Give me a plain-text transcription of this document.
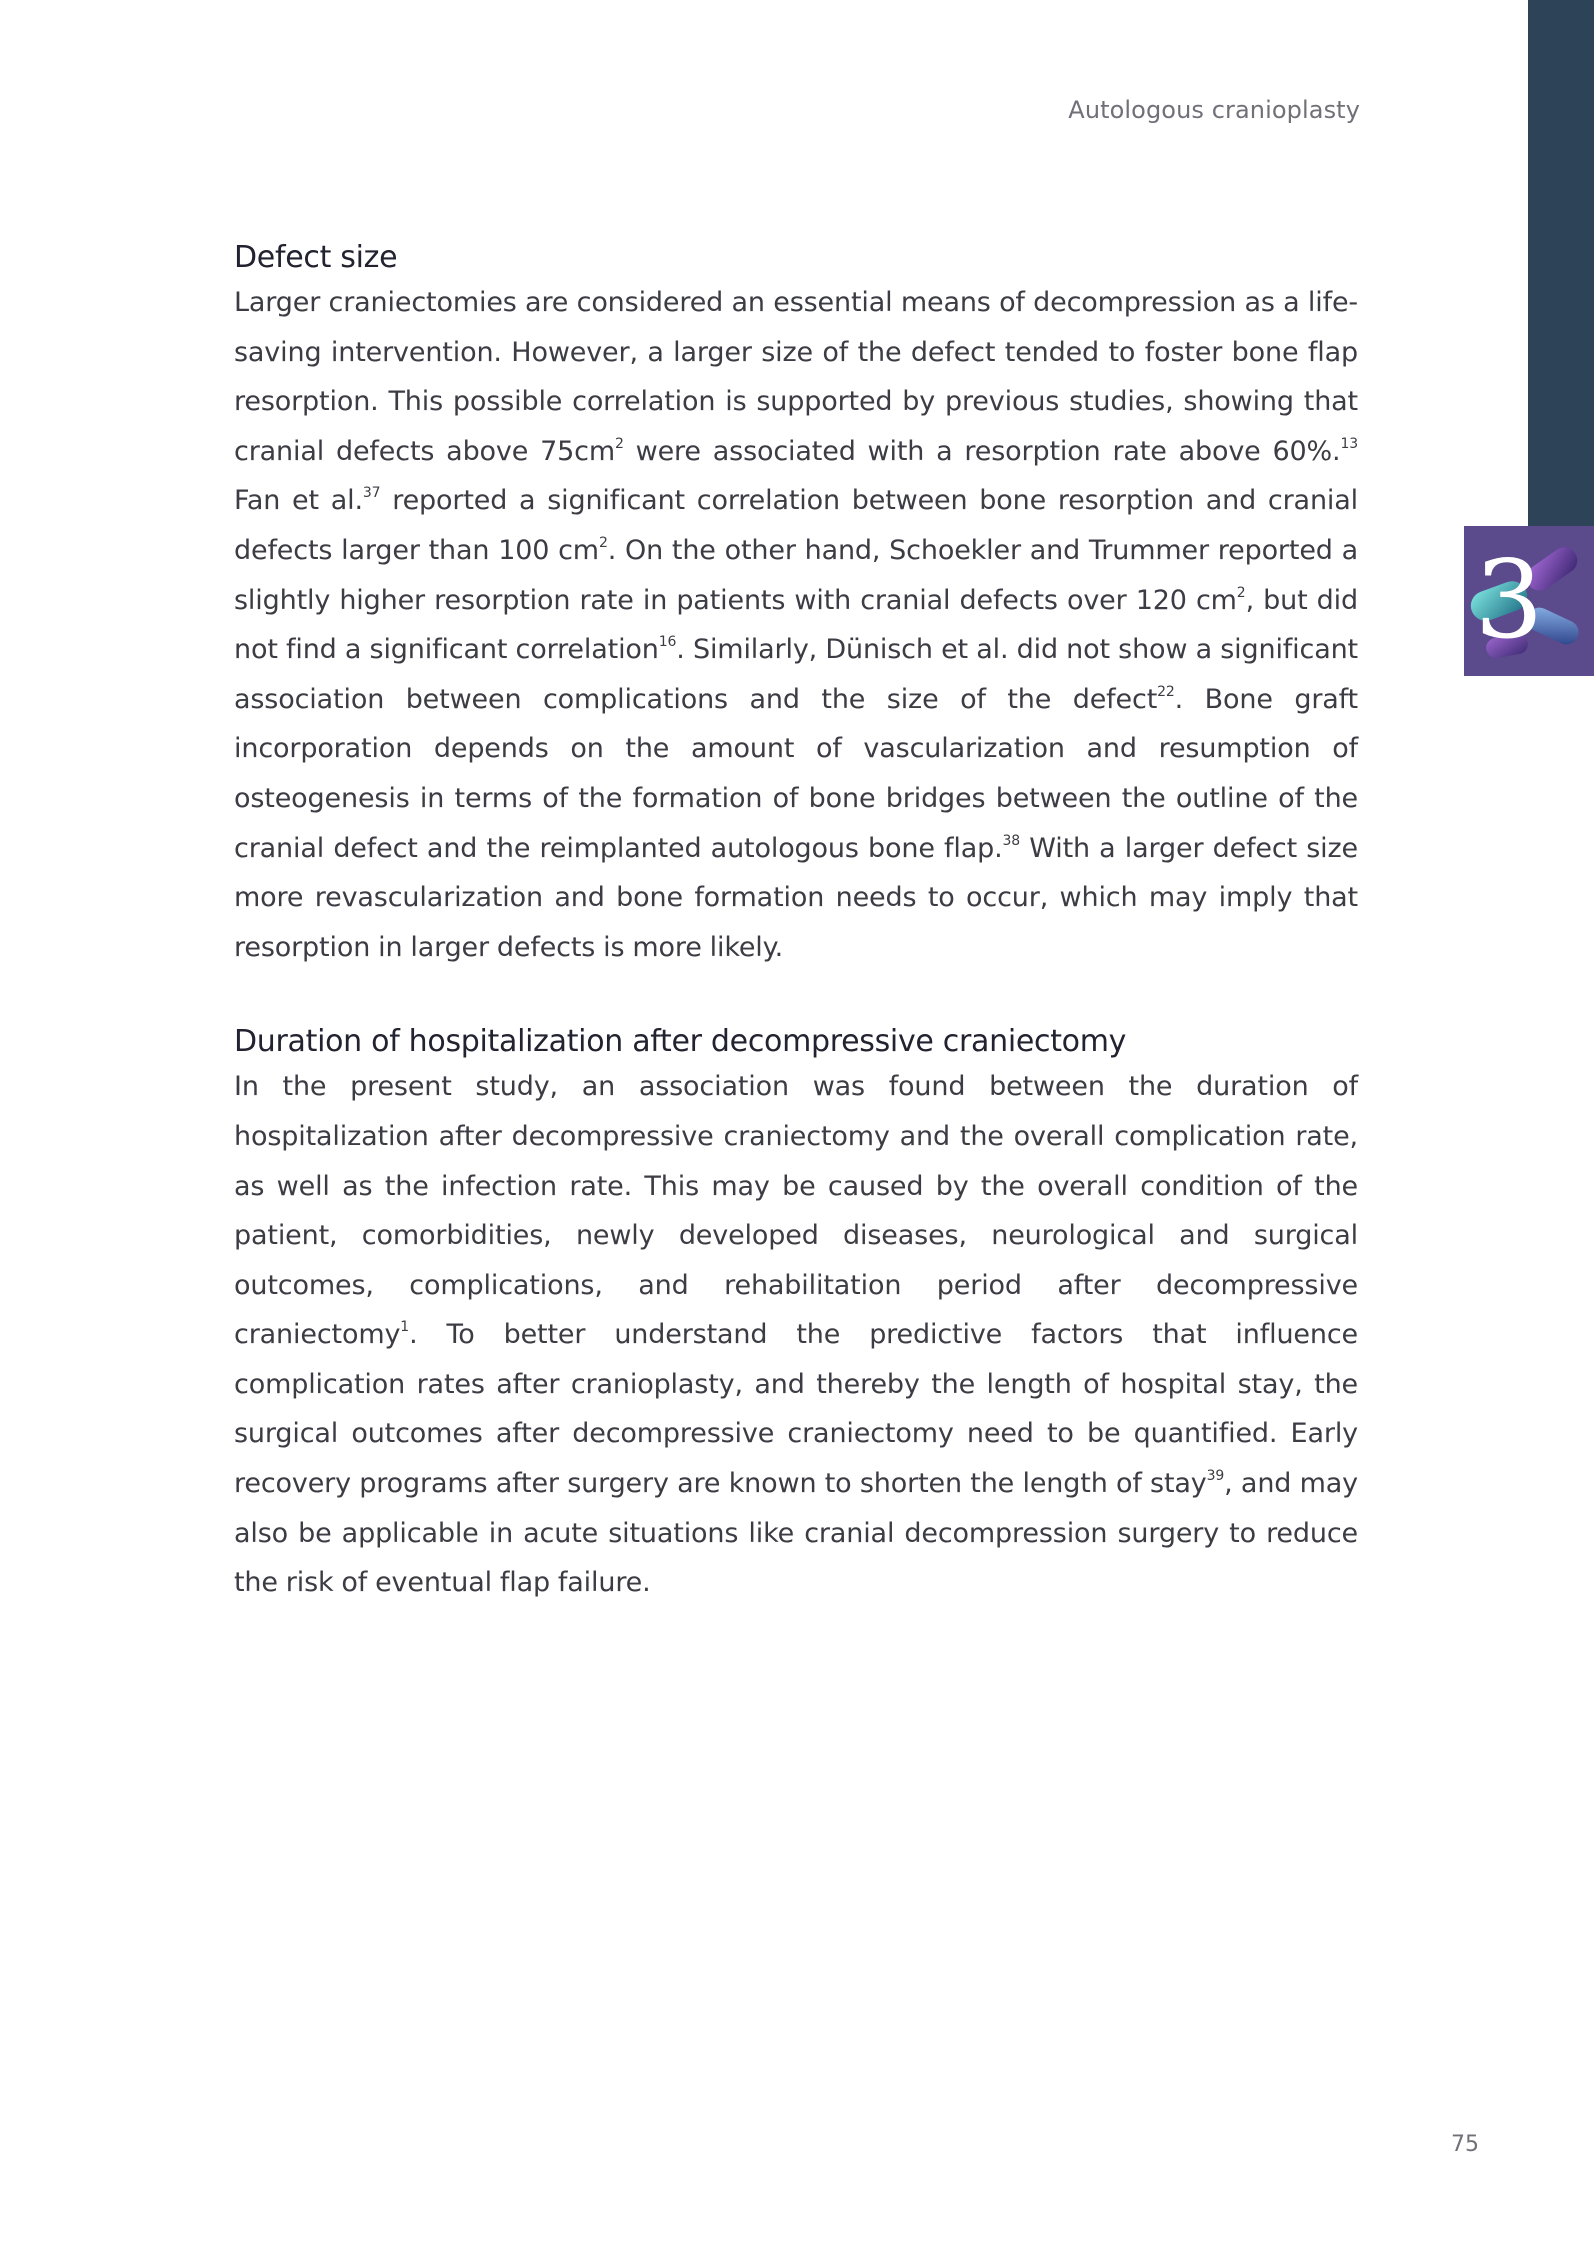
3
Autologous cranioplasty
Defect size

Larger craniectomies are considered an essential means of decompression as a life-saving intervention. However, a larger size of the defect tended to foster bone flap resorption. This possible correlation is supported by previous studies, showing that cranial defects above $75cm^2$ were associated with a resorption rate above 60%.$^{13}$ Fan et al.$^{37}$ reported a significant correlation between bone resorption and cranial defects larger than 100 $cm^2$. On the other hand, Schoekler and Trummer reported a slightly higher resorption rate in patients with cranial defects over 120 $cm^2$, but did not find a significant correlation$^{16}$. Similarly, Dünisch et al. did not show a significant association between complications and the size of the defect$^{22}$. Bone graft incorporation depends on the amount of vascularization and resumption of osteogenesis in terms of the formation of bone bridges between the outline of the cranial defect and the reimplanted autologous bone flap.$^{38}$ With a larger defect size more revascularization and bone formation needs to occur, which may imply that resorption in larger defects is more likely.

Duration of hospitalization after decompressive craniectomy

In the present study, an association was found between the duration of hospitalization after decompressive craniectomy and the overall complication rate, as well as the infection rate. This may be caused by the overall condition of the patient, comorbidities, newly developed diseases, neurological and surgical outcomes, complications, and rehabilitation period after decompressive craniectomy$^1$. To better understand the predictive factors that influence complication rates after cranioplasty, and thereby the length of hospital stay, the surgical outcomes after decompressive craniectomy need to be quantified. Early recovery programs after surgery are known to shorten the length of stay$^{39}$, and may also be applicable in acute situations like cranial decompression surgery to reduce the risk of eventual flap failure.

75
